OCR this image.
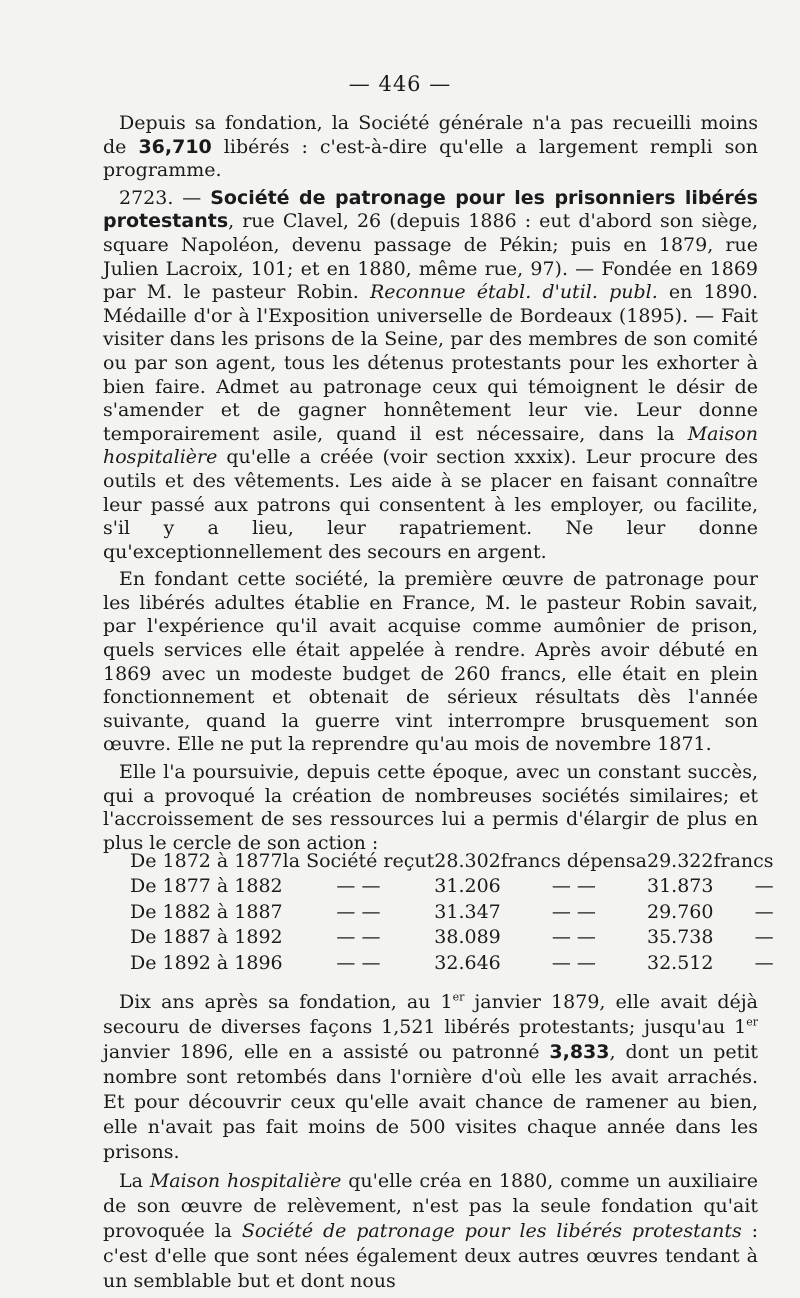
— 446 —

Depuis sa fondation, la Société générale n'a pas recueilli moins de 36,710 libérés : c'est-à-dire qu'elle a largement rempli son programme.

2723. — Société de patronage pour les prisonniers libérés protestants, rue Clavel, 26 (depuis 1886 : eut d'abord son siège, square Napoléon, devenu passage de Pékin; puis en 1879, rue Julien Lacroix, 101; et en 1880, même rue, 97). — Fondée en 1869 par M. le pasteur Robin. Reconnue établ. d'util. publ. en 1890. Médaille d'or à l'Exposition universelle de Bordeaux (1895). — Fait visiter dans les prisons de la Seine, par des membres de son comité ou par son agent, tous les détenus protestants pour les exhorter à bien faire. Admet au patronage ceux qui témoignent le désir de s'amender et de gagner honnêtement leur vie. Leur donne temporairement asile, quand il est nécessaire, dans la Maison hospitalière qu'elle a créée (voir section xxxix). Leur procure des outils et des vêtements. Les aide à se placer en faisant connaître leur passé aux patrons qui consentent à les employer, ou facilite, s'il y a lieu, leur rapatriement. Ne leur donne qu'exceptionnellement des secours en argent.

En fondant cette société, la première œuvre de patronage pour les libérés adultes établie en France, M. le pasteur Robin savait, par l'expérience qu'il avait acquise comme aumônier de prison, quels services elle était appelée à rendre. Après avoir débuté en 1869 avec un modeste budget de 260 francs, elle était en plein fonctionnement et obtenait de sérieux résultats dès l'année suivante, quand la guerre vint interrompre brusquement son œuvre. Elle ne put la reprendre qu'au mois de novembre 1871.

Elle l'a poursuivie, depuis cette époque, avec un constant succès, qui a provoqué la création de nombreuses sociétés similaires; et l'accroissement de ses ressources lui a permis d'élargir de plus en plus le cercle de son action :

De 1872 à 1877	la Société reçut	28.302	francs dépensa	29.322	francs
De 1877 à 1882	— —	31.206	— —	31.873	—
De 1882 à 1887	— —	31.347	— —	29.760	—
De 1887 à 1892	— —	38.089	— —	35.738	—
De 1892 à 1896	— —	32.646	— —	32.512	—

Dix ans après sa fondation, au 1er janvier 1879, elle avait déjà secouru de diverses façons 1,521 libérés protestants; jusqu'au 1er janvier 1896, elle en a assisté ou patronné 3,833, dont un petit nombre sont retombés dans l'ornière d'où elle les avait arrachés. Et pour découvrir ceux qu'elle avait chance de ramener au bien, elle n'avait pas fait moins de 500 visites chaque année dans les prisons.

La Maison hospitalière qu'elle créa en 1880, comme un auxiliaire de son œuvre de relèvement, n'est pas la seule fondation qu'ait provoquée la Société de patronage pour les libérés protestants : c'est d'elle que sont nées également deux autres œuvres tendant à un semblable but et dont nous
